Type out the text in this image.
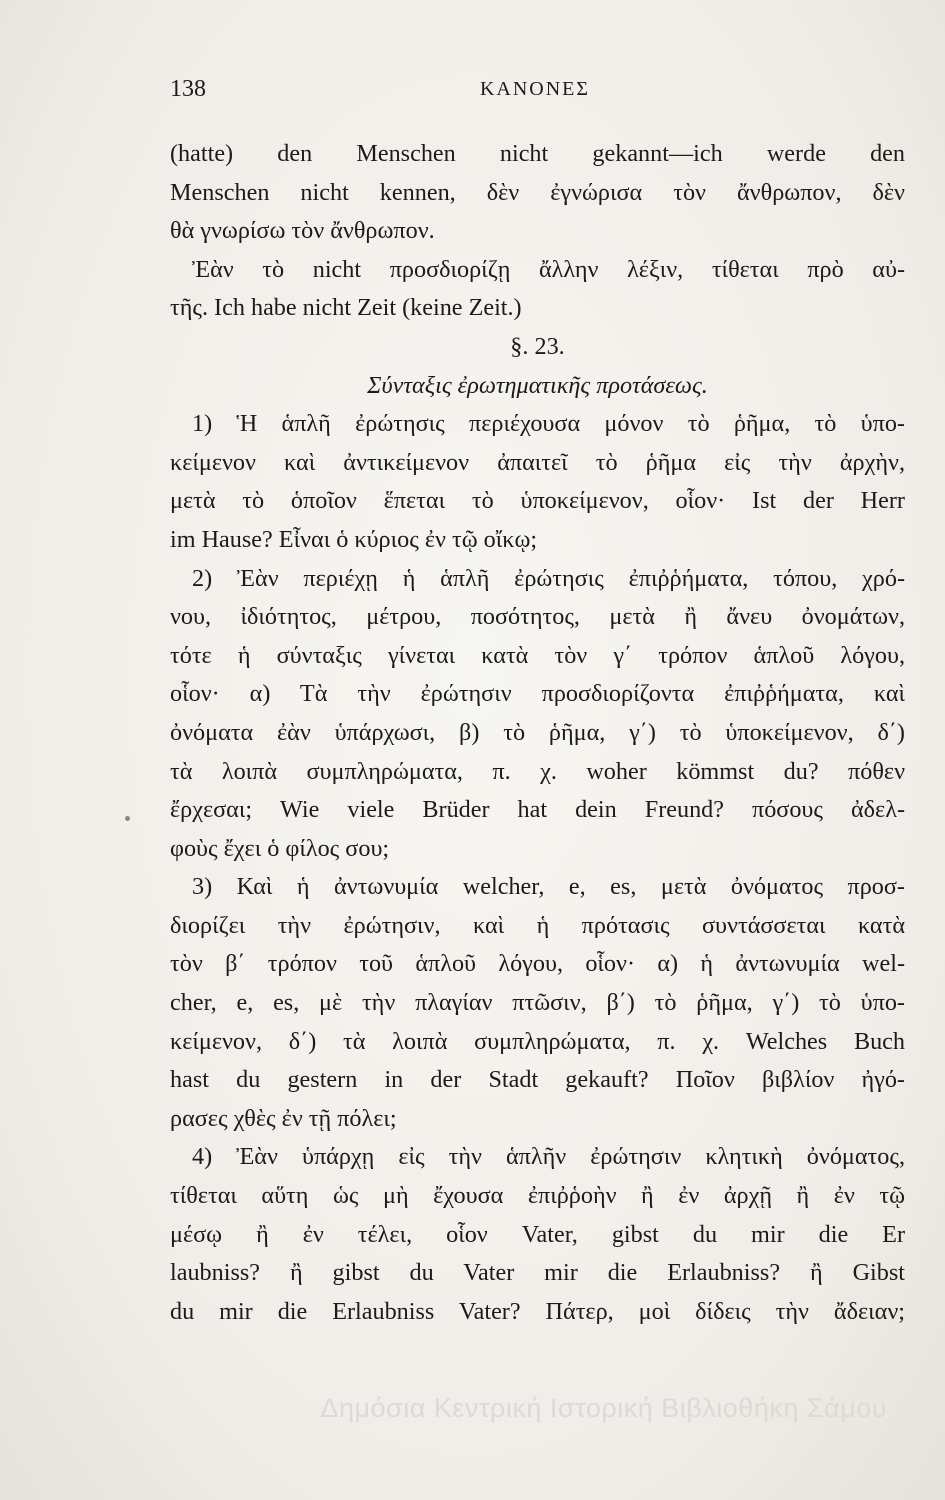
138	ΚΑΝΟΝΕΣ
(hatte) den Menschen nicht gekannt—ich werde den
Menschen nicht kennen, δὲν ἐγνώρισα τὸν ἄνθρωπον, δὲν
θὰ γνωρίσω τὸν ἄνθρωπον.
Ἐὰν τὸ nicht προσδιορίζῃ ἄλλην λέξιν, τίθεται πρὸ αὐ-
τῆς. Ich habe nicht Zeit (keine Zeit.)
§. 23.
Σύνταξις ἐρωτηματικῆς προτάσεως.
1) Ἡ ἁπλῆ ἐρώτησις περιέχουσα μόνον τὸ ῥῆμα, τὸ ὑπο-
κείμενον καὶ ἀντικείμενον ἀπαιτεῖ τὸ ῥῆμα εἰς τὴν ἀρχὴν,
μετὰ τὸ ὁποῖον ἕπεται τὸ ὑποκείμενον, οἷον· Ist der Herr
im Hause? Εἶναι ὁ κύριος ἐν τῷ οἴκῳ;
2) Ἐὰν περιέχῃ ἡ ἁπλῆ ἐρώτησις ἐπιῤῥήματα, τόπου, χρό-
νου, ἰδιότητος, μέτρου, ποσότητος, μετὰ ἢ ἄνευ ὀνομάτων,
τότε ἡ σύνταξις γίνεται κατὰ τὸν γ΄ τρόπον ἁπλοῦ λόγου,
οἷον· α) Τὰ τὴν ἐρώτησιν προσδιορίζοντα ἐπιῤῥήματα, καὶ
ὀνόματα ἐὰν ὑπάρχωσι, β) τὸ ῥῆμα, γ΄) τὸ ὑποκείμενον, δ΄)
τὰ λοιπὰ συμπληρώματα, π. χ. woher kömmst du? πόθεν
ἔρχεσαι; Wie viele Brüder hat dein Freund? πόσους ἀδελ-
φοὺς ἔχει ὁ φίλος σου;
3) Καὶ ἡ ἀντωνυμία welcher, e, es, μετὰ ὀνόματος προσ-
διορίζει τὴν ἐρώτησιν, καὶ ἡ πρότασις συντάσσεται κατὰ
τὸν β΄ τρόπον τοῦ ἁπλοῦ λόγου, οἷον· α) ἡ ἀντωνυμία wel-
cher, e, es, μὲ τὴν πλαγίαν πτῶσιν, β΄) τὸ ῥῆμα, γ΄) τὸ ὑπο-
κείμενον, δ΄) τὰ λοιπὰ συμπληρώματα, π. χ. Welches Buch
hast du gestern in der Stadt gekauft? Ποῖον βιβλίον ἠγό-
ρασες χθὲς ἐν τῇ πόλει;
4) Ἐὰν ὑπάρχῃ εἰς τὴν ἁπλῆν ἐρώτησιν κλητικὴ ὀνόματος,
τίθεται αὕτη ὡς μὴ ἔχουσα ἐπιῤῥοὴν ἢ ἐν ἀρχῇ ἢ ἐν τῷ
μέσῳ ἢ ἐν τέλει, οἷον Vater, gibst du mir die Er
laubniss? ἢ gibst du Vater mir die Erlaubniss? ἢ Gibst
du mir die Erlaubniss Vater? Πάτερ, μοὶ δίδεις τὴν ἄδειαν;
Δημόσια Κεντρική Ιστορική Βιβλιοθήκη Σάμου
